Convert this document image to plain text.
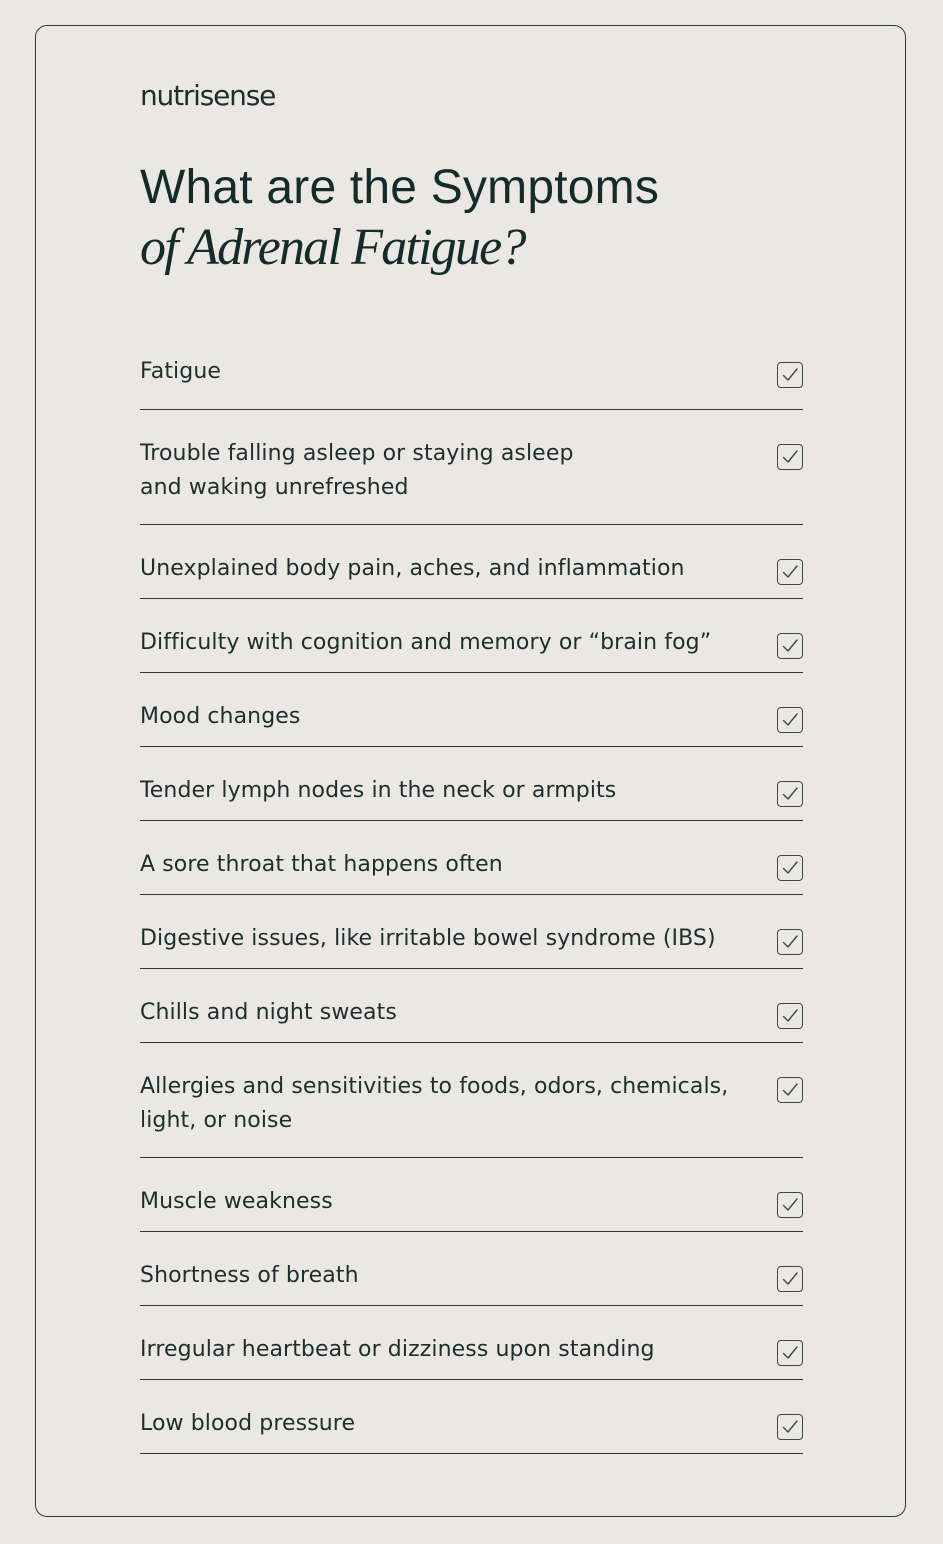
nutrisense
What are the Symptoms
of Adrenal Fatigue?
Fatigue
Trouble falling asleep or staying asleep
and waking unrefreshed
Unexplained body pain, aches, and inflammation
Difficulty with cognition and memory or “brain fog”
Mood changes
Tender lymph nodes in the neck or armpits
A sore throat that happens often
Digestive issues, like irritable bowel syndrome (IBS)
Chills and night sweats
Allergies and sensitivities to foods, odors, chemicals,
light, or noise
Muscle weakness
Shortness of breath
Irregular heartbeat or dizziness upon standing
Low blood pressure
